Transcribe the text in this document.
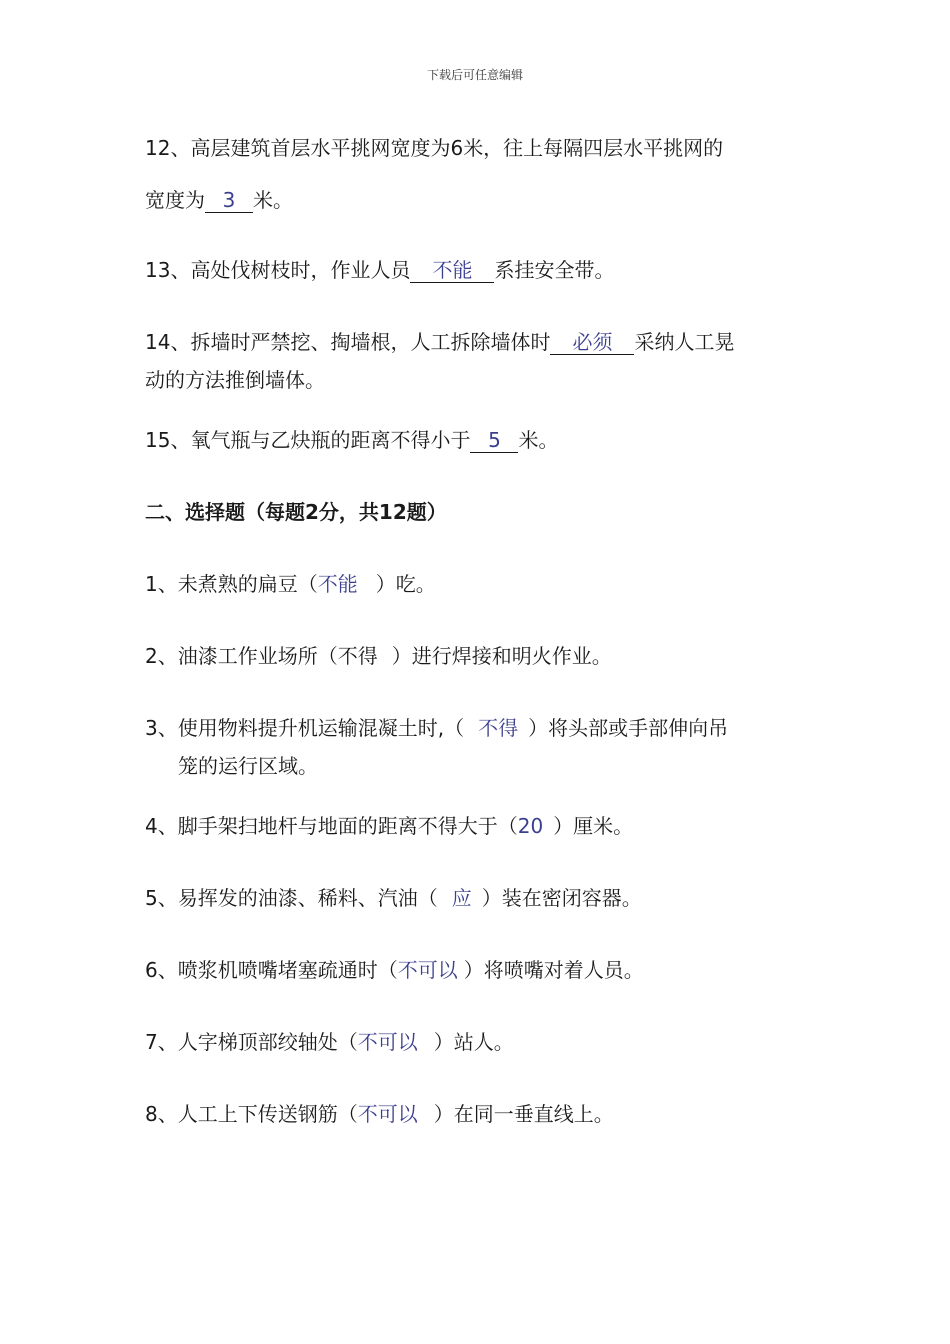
下载后可任意编辑
12、高层建筑首层水平挑网宽度为6米，往上每隔四层水平挑网的
宽度为 3 米。
13、高处伐树枝时，作业人员 不能 系挂安全带。
14、拆墙时严禁挖、掏墙根，人工拆除墙体时 必须 采纳人工晃
动的方法推倒墙体。
15、氧气瓶与乙炔瓶的距离不得小于 5 米。
二、选择题（每题2分，共12题）
1、未煮熟的扁豆（不能 ）吃。
2、油漆工作业场所（不得 ）进行焊接和明火作业。
3、使用物料提升机运输混凝土时,（ 不得 ）将头部或手部伸向吊
笼的运行区域。
4、脚手架扫地杆与地面的距离不得大于（20 ）厘米。
5、易挥发的油漆、稀料、汽油（ 应 ）装在密闭容器。
6、喷浆机喷嘴堵塞疏通时（不可以 ）将喷嘴对着人员。
7、人字梯顶部绞轴处（不可以 ）站人。
8、人工上下传送钢筋（不可以 ）在同一垂直线上。
